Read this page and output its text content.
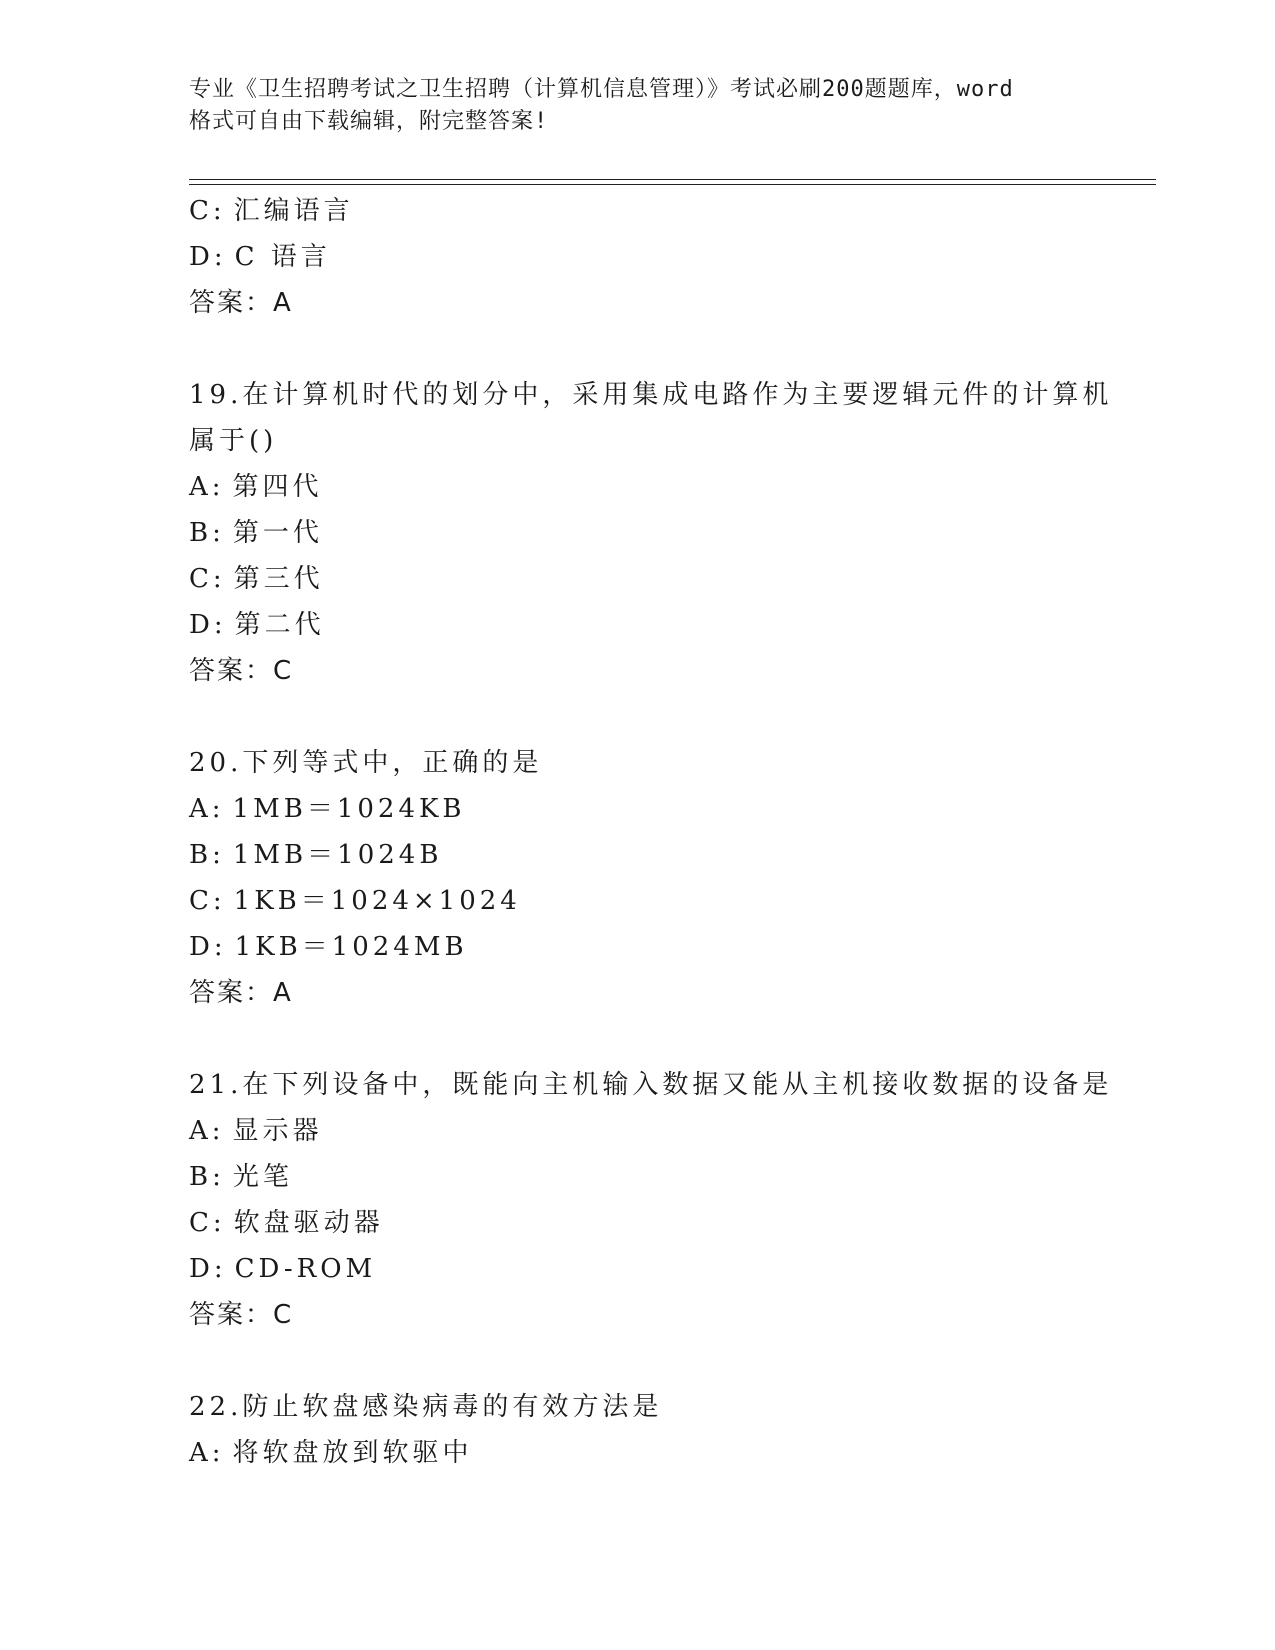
专业《卫生招聘考试之卫生招聘（计算机信息管理）》考试必刷200题题库，word
格式可自由下载编辑，附完整答案!
C: 汇编语言
D: C 语言
答案：A
19.在计算机时代的划分中，采用集成电路作为主要逻辑元件的计算机
属于()
A: 第四代
B: 第一代
C: 第三代
D: 第二代
答案：C
20.下列等式中，正确的是
A: 1MB＝1024KB
B: 1MB＝1024B
C: 1KB＝1024×1024
D: 1KB＝1024MB
答案：A
21.在下列设备中，既能向主机输入数据又能从主机接收数据的设备是
A: 显示器
B: 光笔
C: 软盘驱动器
D: CD-ROM
答案：C
22.防止软盘感染病毒的有效方法是
A: 将软盘放到软驱中
